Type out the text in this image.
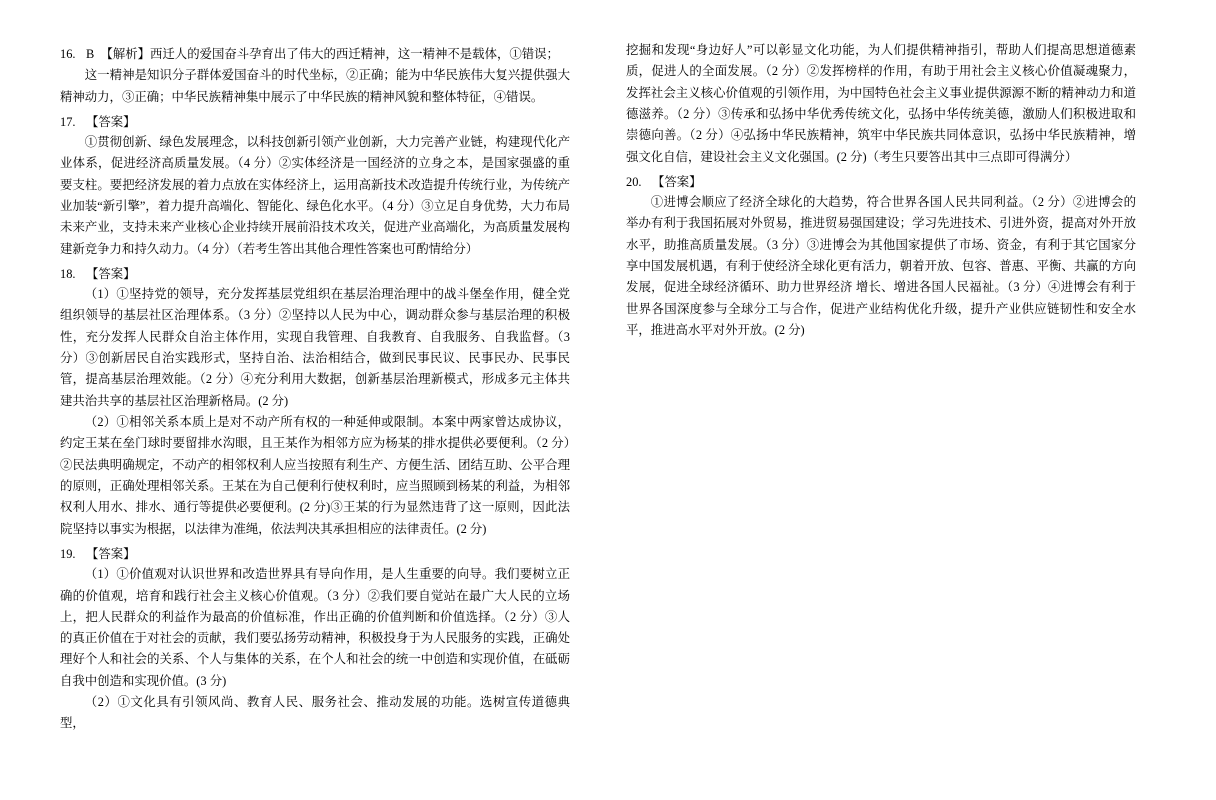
16. B　【解析】西迁人的爱国奋斗孕育出了伟大的西迁精神，这一精神不是载体，①错误；
这一精神是知识分子群体爱国奋斗的时代坐标，②正确；能为中华民族伟大复兴提供强大精神动力，③正确；中华民族精神集中展示了中华民族的精神风貌和整体特征，④错误。
17. 【答案】
①贯彻创新、绿色发展理念，以科技创新引领产业创新，大力完善产业链，构建现代化产业体系，促进经济高质量发展。（4 分）②实体经济是一国经济的立身之本，是国家强盛的重要支柱。要把经济发展的着力点放在实体经济上，运用高新技术改造提升传统行业，为传统产业加装“新引擎”，着力提升高端化、智能化、绿色化水平。（4 分）③立足自身优势，大力布局未来产业，支持未来产业核心企业持续开展前沿技术攻关，促进产业高端化，为高质量发展构建新竞争力和持久动力。（4 分）（若考生答出其他合理性答案也可酌情给分）
18. 【答案】
（1）①坚持党的领导，充分发挥基层党组织在基层治理治理中的战斗堡垒作用，健全党组织领导的基层社区治理体系。（3 分）②坚持以人民为中心，调动群众参与基层治理的积极性，充分发挥人民群众自治主体作用，实现自我管理、自我教育、自我服务、自我监督。（3 分）③创新居民自治实践形式，坚持自治、法治相结合，做到民事民议、民事民办、民事民管，提高基层治理效能。（2 分）④充分利用大数据，创新基层治理新模式，形成多元主体共建共治共享的基层社区治理新格局。(2 分)
（2）①相邻关系本质上是对不动产所有权的一种延伸或限制。本案中两家曾达成协议，约定王某在垒门球时要留排水沟眼，且王某作为相邻方应为杨某的排水提供必要便利。（2 分）②民法典明确规定，不动产的相邻权利人应当按照有利生产、方便生活、团结互助、公平合理的原则，正确处理相邻关系。王某在为自己便利行使权利时，应当照顾到杨某的利益，为相邻权利人用水、排水、通行等提供必要便利。(2 分)③王某的行为显然违背了这一原则，因此法院坚持以事实为根据，以法律为准绳，依法判决其承担相应的法律责任。(2 分)
19. 【答案】
（1）①价值观对认识世界和改造世界具有导向作用，是人生重要的向导。我们要树立正确的价值观，培育和践行社会主义核心价值观。（3 分）②我们要自觉站在最广大人民的立场上，把人民群众的利益作为最高的价值标准，作出正确的价值判断和价值选择。（2 分）③人的真正价值在于对社会的贡献，我们要弘扬劳动精神，积极投身于为人民服务的实践，正确处理好个人和社会的关系、个人与集体的关系，在个人和社会的统一中创造和实现价值，在砥砺自我中创造和实现价值。(3 分)
（2）①文化具有引领风尚、教育人民、服务社会、推动发展的功能。选树宣传道德典型，
挖掘和发现“身边好人”可以彰显文化功能，为人们提供精神指引，帮助人们提高思想道德素质，促进人的全面发展。（2 分）②发挥榜样的作用，有助于用社会主义核心价值凝魂聚力，发挥社会主义核心价值观的引领作用，为中国特色社会主义事业提供源源不断的精神动力和道德滋养。（2 分）③传承和弘扬中华优秀传统文化，弘扬中华传统美德，激励人们积极进取和崇德向善。（2 分）④弘扬中华民族精神，筑牢中华民族共同体意识，弘扬中华民族精神，增强文化自信，建设社会主义文化强国。(2 分)（考生只要答出其中三点即可得满分）
20. 【答案】
①进博会顺应了经济全球化的大趋势，符合世界各国人民共同利益。（2 分）②进博会的举办有利于我国拓展对外贸易，推进贸易强国建设；学习先进技术、引进外资，提高对外开放水平，助推高质量发展。（3 分）③进博会为其他国家提供了市场、资金，有利于其它国家分享中国发展机遇，有利于使经济全球化更有活力，朝着开放、包容、普惠、平衡、共赢的方向发展，促进全球经济循环、助力世界经济 增长、增进各国人民福祉。（3 分）④进博会有利于世界各国深度参与全球分工与合作，促进产业结构优化升级，提升产业供应链韧性和安全水平，推进高水平对外开放。(2 分)
